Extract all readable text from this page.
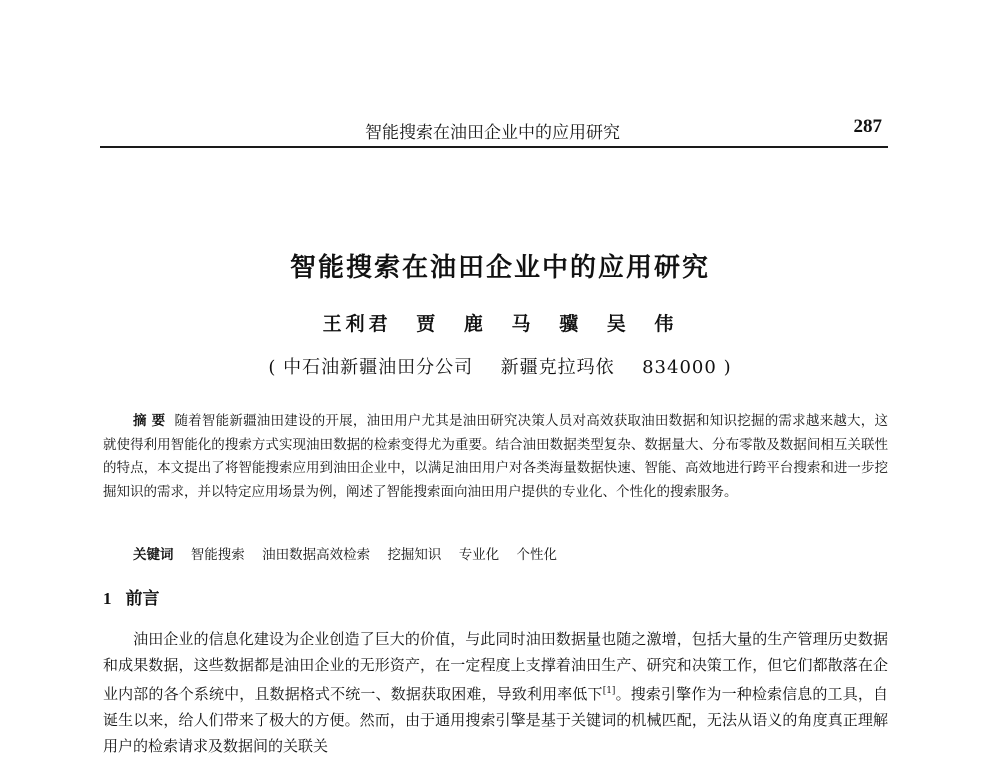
智能搜索在油田企业中的应用研究	287
智能搜索在油田企业中的应用研究
王利君 贾 鹿 马 骥 吴 伟
( 中石油新疆油田分公司 新疆克拉玛依 834000 )

摘 要 随着智能新疆油田建设的开展，油田用户尤其是油田研究决策人员对高效获取油田数据和知识挖掘的需求越来越大，这就使得利用智能化的搜索方式实现油田数据的检索变得尤为重要。结合油田数据类型复杂、数据量大、分布零散及数据间相互关联性的特点，本文提出了将智能搜索应用到油田企业中，以满足油田用户对各类海量数据快速、智能、高效地进行跨平台搜索和进一步挖掘知识的需求，并以特定应用场景为例，阐述了智能搜索面向油田用户提供的专业化、个性化的搜索服务。

关键词 智能搜索 油田数据高效检索 挖掘知识 专业化 个性化
1 前言
油田企业的信息化建设为企业创造了巨大的价值，与此同时油田数据量也随之激增，包括大量的生产管理历史数据和成果数据，这些数据都是油田企业的无形资产，在一定程度上支撑着油田生产、研究和决策工作，但它们都散落在企业内部的各个系统中，且数据格式不统一、数据获取困难，导致利用率低下[1]。搜索引擎作为一种检索信息的工具，自诞生以来，给人们带来了极大的方便。然而，由于通用搜索引擎是基于关键词的机械匹配，无法从语义的角度真正理解用户的检索请求及数据间的关联关
